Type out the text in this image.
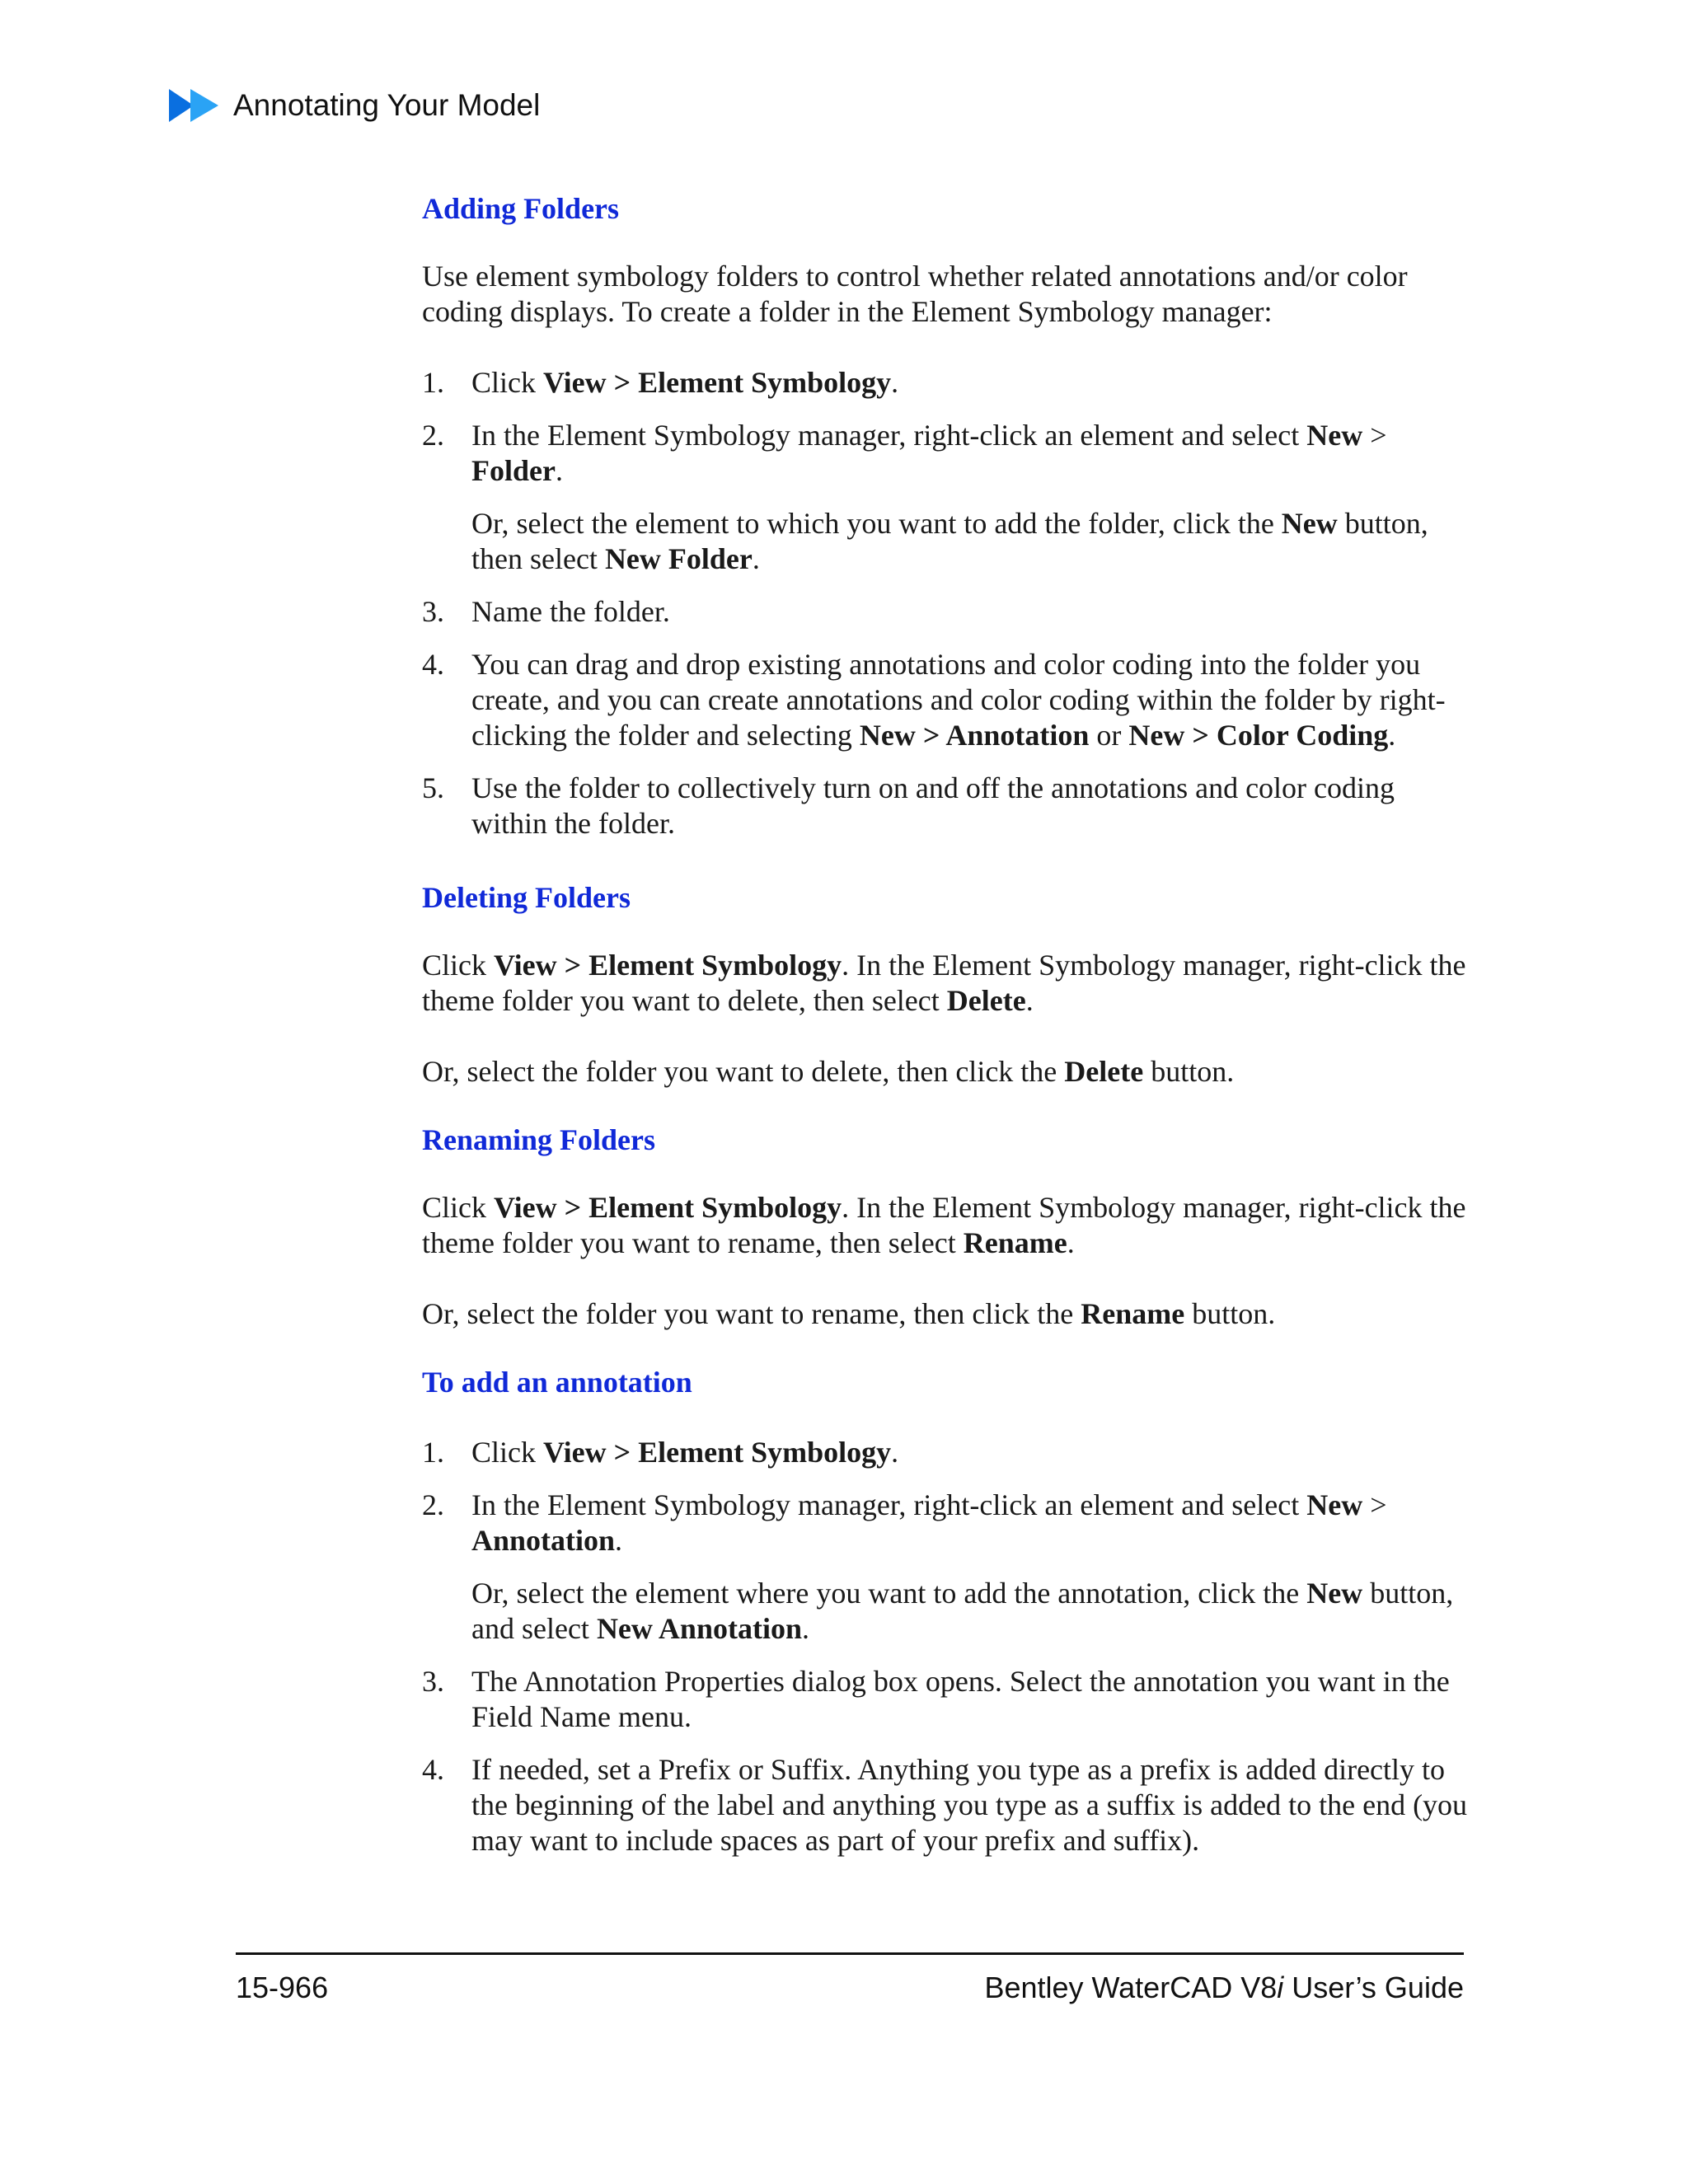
Annotating Your Model
Adding Folders
Use element symbology folders to control whether related annotations and/or color coding displays. To create a folder in the Element Symbology manager:
1. Click View > Element Symbology.
2. In the Element Symbology manager, right-click an element and select New > Folder.
Or, select the element to which you want to add the folder, click the New button, then select New Folder.
3. Name the folder.
4. You can drag and drop existing annotations and color coding into the folder you create, and you can create annotations and color coding within the folder by right-clicking the folder and selecting New > Annotation or New > Color Coding.
5. Use the folder to collectively turn on and off the annotations and color coding within the folder.
Deleting Folders
Click View > Element Symbology. In the Element Symbology manager, right-click the theme folder you want to delete, then select Delete.
Or, select the folder you want to delete, then click the Delete button.
Renaming Folders
Click View > Element Symbology. In the Element Symbology manager, right-click the theme folder you want to rename, then select Rename.
Or, select the folder you want to rename, then click the Rename button.
To add an annotation
1. Click View > Element Symbology.
2. In the Element Symbology manager, right-click an element and select New > Annotation.
Or, select the element where you want to add the annotation, click the New button, and select New Annotation.
3. The Annotation Properties dialog box opens. Select the annotation you want in the Field Name menu.
4. If needed, set a Prefix or Suffix. Anything you type as a prefix is added directly to the beginning of the label and anything you type as a suffix is added to the end (you may want to include spaces as part of your prefix and suffix).
15-966	Bentley WaterCAD V8i User’s Guide
